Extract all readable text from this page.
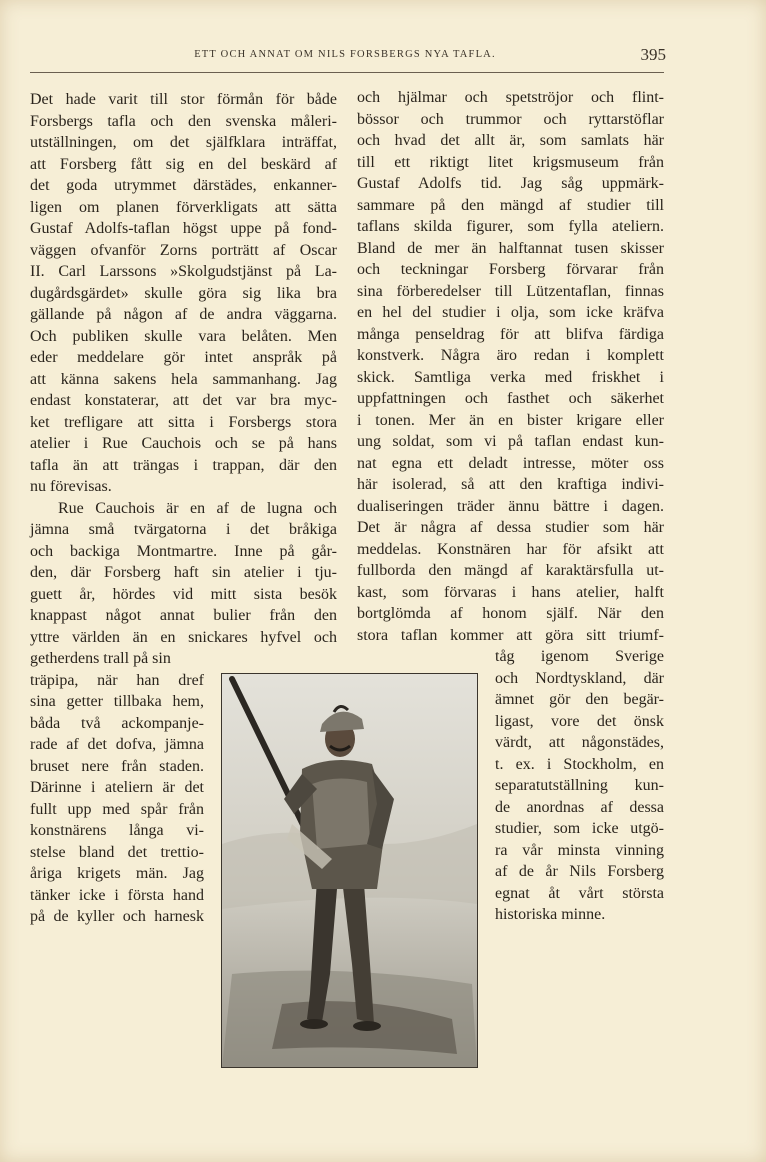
ETT OCH ANNAT OM NILS FORSBERGS NYA TAFLA.	395
Det hade varit till stor förmån för både
Forsbergs tafla och den svenska måleri-
utställningen, om det själfklara inträffat,
att Forsberg fått sig en del beskärd af
det goda utrymmet därstädes, enkanner-
ligen om planen förverkligats att sätta
Gustaf Adolfs-taflan högst uppe på fond-
väggen ofvanför Zorns porträtt af Oscar
II. Carl Larssons »Skolgudstjänst på La-
dugårdsgärdet» skulle göra sig lika bra
gällande på någon af de andra väggarna.
Och publiken skulle vara belåten. Men
eder meddelare gör intet anspråk på
att känna sakens hela sammanhang. Jag
endast konstaterar, att det var bra myc-
ket trefligare att sitta i Forsbergs stora
atelier i Rue Cauchois och se på hans
tafla än att trängas i trappan, där den
nu förevisas.
Rue Cauchois är en af de lugna och
jämna små tvärgatorna i det bråkiga
och backiga Montmartre. Inne på går-
den, där Forsberg haft sin atelier i tju-
guett år, hördes vid mitt sista besök
knappast något annat bulier från den
yttre världen än en snickares hyfvel och
getherdens trall på sin
träpipa, när han dref
sina getter tillbaka hem,
båda två ackompanje-
rade af det dofva, jämna
bruset nere från staden.
Därinne i ateliern är det
fullt upp med spår från
konstnärens långa vi-
stelse bland det trettio-
åriga krigets män. Jag
tänker icke i första hand
på de kyller och harnesk
och hjälmar och spetströjor och flint-
bössor och trummor och ryttarstöflar
och hvad det allt är, som samlats här
till ett riktigt litet krigsmuseum från
Gustaf Adolfs tid. Jag såg uppmärk-
sammare på den mängd af studier till
taflans skilda figurer, som fylla ateliern.
Bland de mer än halftannat tusen skisser
och teckningar Forsberg förvarar från
sina förberedelser till Lützentaflan, finnas
en hel del studier i olja, som icke kräfva
många penseldrag för att blifva färdiga
konstverk. Några äro redan i komplett
skick. Samtliga verka med friskhet i
uppfattningen och fasthet och säkerhet
i tonen. Mer än en bister krigare eller
ung soldat, som vi på taflan endast kun-
nat egna ett deladt intresse, möter oss
här isolerad, så att den kraftiga indivi-
dualiseringen träder ännu bättre i dagen.
Det är några af dessa studier som här
meddelas. Konstnären har för afsikt att
fullborda den mängd af karaktärsfulla ut-
kast, som förvaras i hans atelier, halft
bortglömda af honom själf. När den
stora taflan kommer att göra sitt triumf-
tåg igenom Sverige
och Nordtyskland, där
ämnet gör den begär-
ligast, vore det önsk
värdt, att någonstädes,
t. ex. i Stockholm, en
separatutställning kun-
de anordnas af dessa
studier, som icke utgö-
ra vår minsta vinning
af de år Nils Forsberg
egnat åt vårt största
historiska minne.
